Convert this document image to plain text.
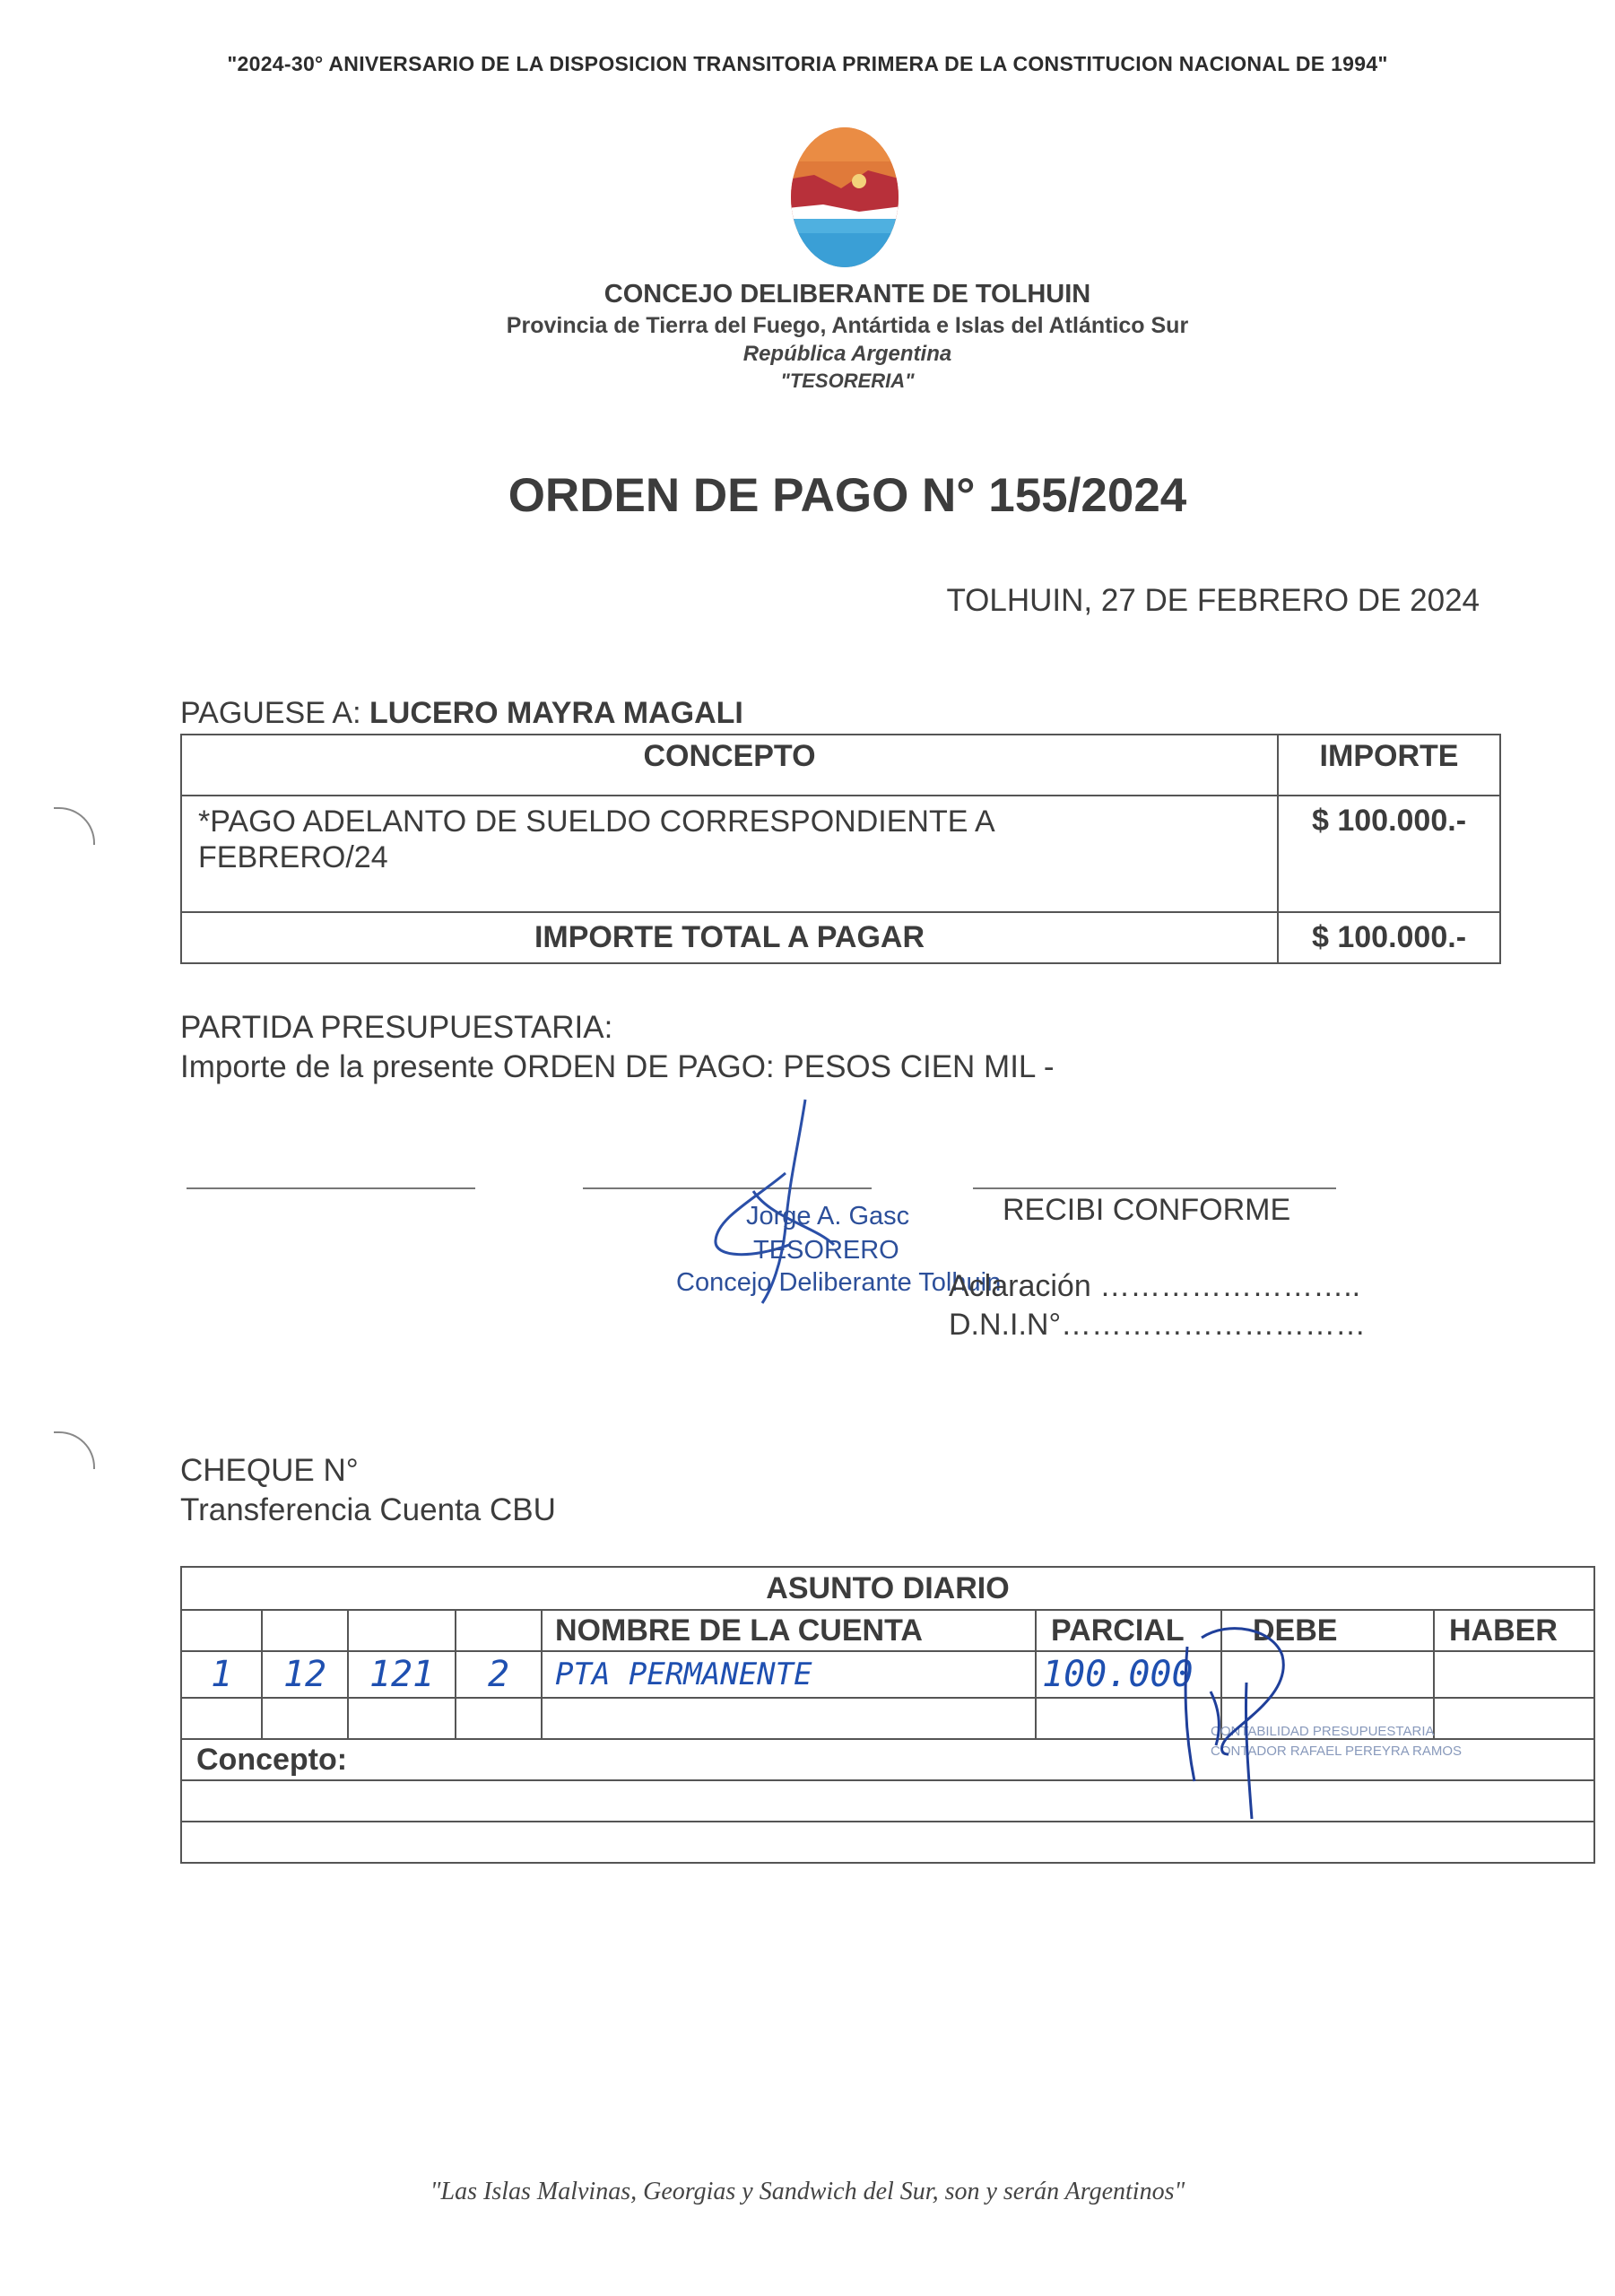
"2024-30° ANIVERSARIO DE LA DISPOSICION TRANSITORIA PRIMERA DE LA CONSTITUCION NACIONAL DE 1994"
CONCEJO DELIBERANTE DE TOLHUIN
Provincia de Tierra del Fuego, Antártida e Islas del Atlántico Sur
República Argentina
"TESORERIA"
ORDEN DE PAGO N° 155/2024
TOLHUIN, 27 DE FEBRERO DE 2024
PAGUESE A: LUCERO MAYRA MAGALI
CONCEPTO	IMPORTE

*PAGO ADELANTO DE SUELDO CORRESPONDIENTE A
FEBRERO/24	$ 100.000.-
IMPORTE TOTAL A PAGAR	$ 100.000.-
PARTIDA PRESUPUESTARIA:
Importe de la presente ORDEN DE PAGO: PESOS CIEN MIL -
Jorge A. Gasc
TESORERO
Concejo Deliberante Tolhuin
RECIBI CONFORME
Aclaración ……………………..
D.N.I.N°…………………………
CHEQUE N°
Transferencia Cuenta CBU
ASUNTO DIARIO							
				NOMBRE DE LA CUENTA	PARCIAL	DEBE	HABER
1	12	121	2	PTA PERMANENTE	100.000		

Concepto:							

CONTABILIDAD PRESUPUESTARIA
CONTADOR RAFAEL PEREYRA RAMOS
"Las Islas Malvinas, Georgias y Sandwich del Sur, son y serán Argentinos"
